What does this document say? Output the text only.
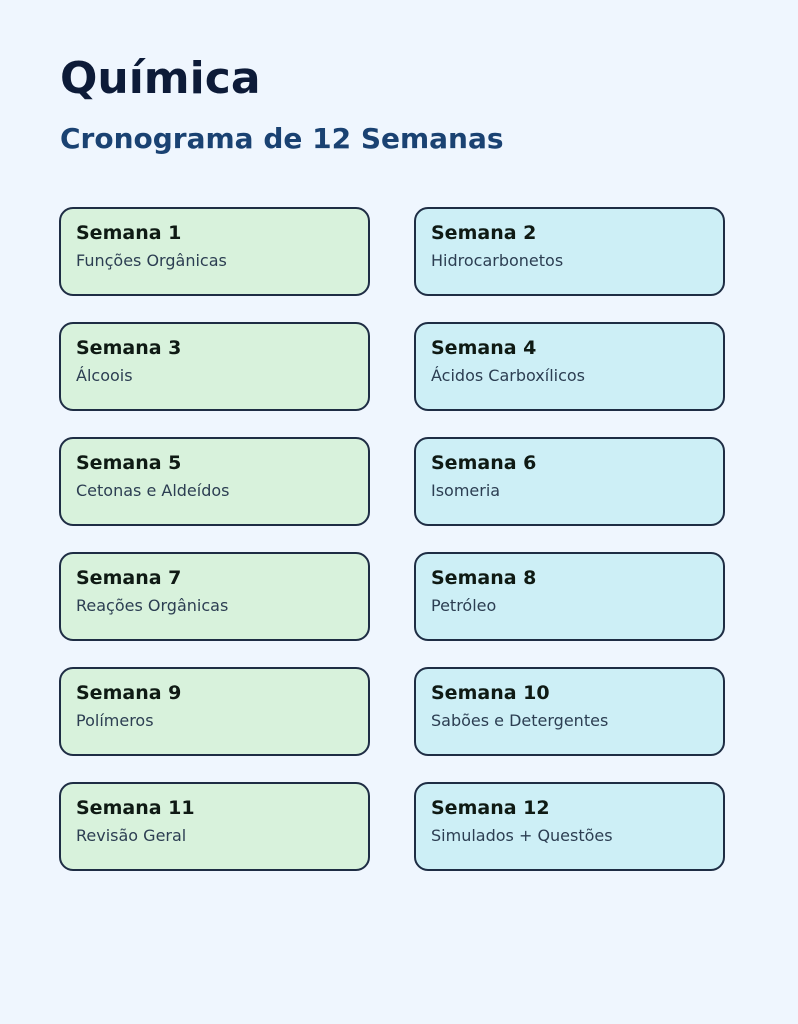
Química
Cronograma de 12 Semanas
Semana 1
Funções Orgânicas
Semana 2
Hidrocarbonetos
Semana 3
Álcoois
Semana 4
Ácidos Carboxílicos
Semana 5
Cetonas e Aldeídos
Semana 6
Isomeria
Semana 7
Reações Orgânicas
Semana 8
Petróleo
Semana 9
Polímeros
Semana 10
Sabões e Detergentes
Semana 11
Revisão Geral
Semana 12
Simulados + Questões
